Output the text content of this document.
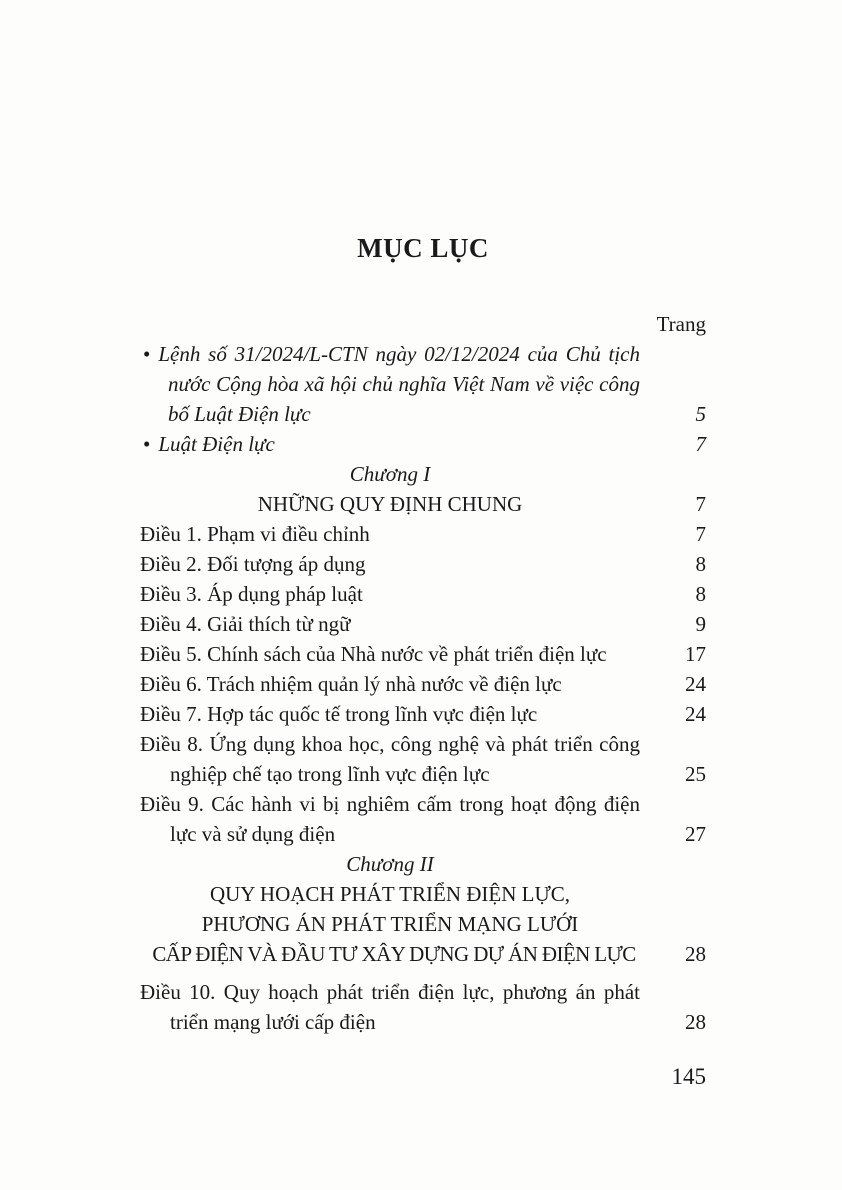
MỤC LỤC
Trang
• Lệnh số 31/2024/L-CTN ngày 02/12/2024 của Chủ tịch nước Cộng hòa xã hội chủ nghĩa Việt Nam về việc công bố Luật Điện lực	5
• Luật Điện lực	7
Chương I
NHỮNG QUY ĐỊNH CHUNG	7
Điều 1. Phạm vi điều chỉnh	7
Điều 2. Đối tượng áp dụng	8
Điều 3. Áp dụng pháp luật	8
Điều 4. Giải thích từ ngữ	9
Điều 5. Chính sách của Nhà nước về phát triển điện lực	17
Điều 6. Trách nhiệm quản lý nhà nước về điện lực	24
Điều 7. Hợp tác quốc tế trong lĩnh vực điện lực	24
Điều 8. Ứng dụng khoa học, công nghệ và phát triển công nghiệp chế tạo trong lĩnh vực điện lực	25
Điều 9. Các hành vi bị nghiêm cấm trong hoạt động điện lực và sử dụng điện	27
Chương II
QUY HOẠCH PHÁT TRIỂN ĐIỆN LỰC,
PHƯƠNG ÁN PHÁT TRIỂN MẠNG LƯỚI
CẤP ĐIỆN VÀ ĐẦU TƯ XÂY DỰNG DỰ ÁN ĐIỆN LỰC	28
Điều 10. Quy hoạch phát triển điện lực, phương án phát triển mạng lưới cấp điện	28
145
